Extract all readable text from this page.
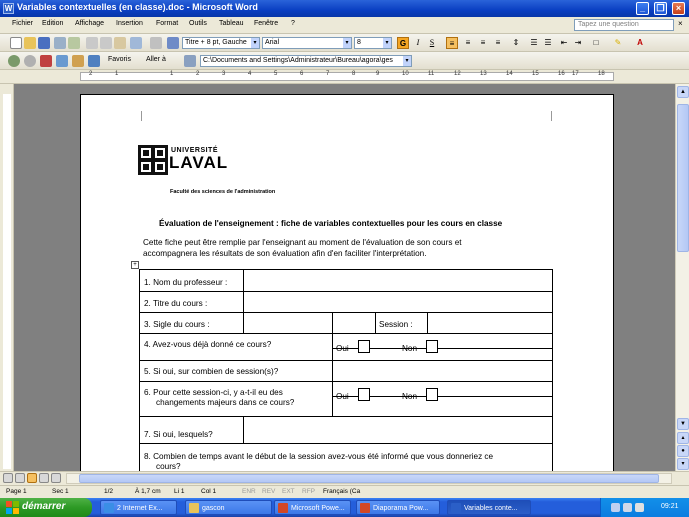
W Variables contextuelles (en classe).doc - Microsoft Word	_	❐	×
Fichier Edition Affichage Insertion Format Outils Tableau Fenêtre ?	Tapez une question	×
Titre + 8 pt, Gauche	▾	Arial	▾	8	▾	G	I	S	≡	≡	≡	≡	⇕	☰ ☰	⇤ ⇥	□	✎	A
Favoris Aller à	C:\Documents and Settings\Administrateur\Bureau\agora\ges	▾
2	1	1	2	3	4	5	6	7	8	9	10	11	12	13	14	15	16 17	18
UNIVERSITÉ
LAVAL
Faculté des sciences de l'administration
Évaluation de l'enseignement : fiche de variables contextuelles pour les cours en classe
Cette fiche peut être remplie par l'enseignant au moment de l'évaluation de son cours et
accompagnera les résultats de son évaluation afin d'en faciliter l'interprétation.
+
1. Nom du professeur :
2. Titre du cours :
3. Sigle du cours :	Session :
4. Avez-vous déjà donné ce cours?	Oui	Non
5. Si oui, sur combien de session(s)?
6. Pour cette session-ci, y a-t-il eu des
changements majeurs dans ce cours?
Oui	Non
7. Si oui, lesquels?
8. Combien de temps avant le début de la session avez-vous été informé que vous donneriez ce
cours?
▲
▼
▴
●
▾
Page 1	Sec 1	1/2	À 1,7 cm Li 1	Col 1	ENR REV EXT RFP Français (Ca
démarrer	2 Internet Ex...	gascon	Microsoft Powe...	Diaporama Pow...	Variables conte...	09:21
